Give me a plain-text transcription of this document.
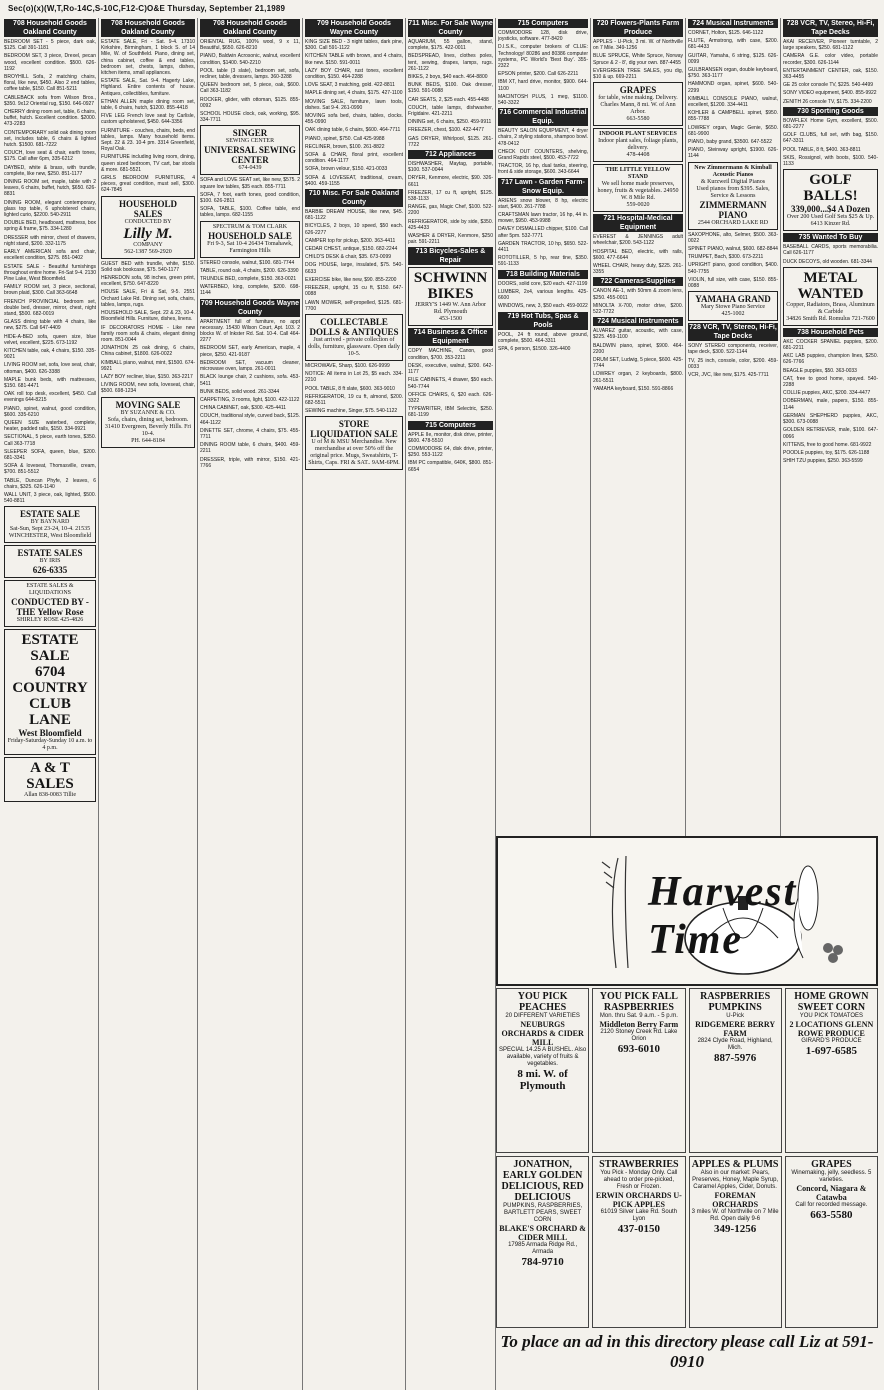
Sec(o)(x)(W,T,Ro-14C,S-10C,F12-C)O&E Thursday, September 21,1989
708 Household Goods Oakland County
BEDROOM SET - 5 piece, dark oak, $125. Call 391-1181
BEDROOM SET, 3 piece, Drexel, pecan wood, excellent condition. $500. 626-1192
BROYHILL Sofa, 2 matching chairs, floral, like new, $450. Also 2 end tables, coffee table, $150. Call 851-5211
CABLEBACK sofa from Wilson Bros., $350. 9x12 Oriental rug, $150. 646-0927
CHERRY dining room set, table, 6 chairs, buffet, hutch. Excellent condition. $2000. 473-2283
CONTEMPORARY solid oak dining room set, includes table, 6 chairs & lighted hutch. $1500. 681-7222
COUCH, love seat & chair, earth tones, $175. Call after 6pm, 335-6212
DAYBED, white & brass, with trundle, complete, like new, $250. 851-1177
DINING ROOM set, maple, table with 2 leaves, 6 chairs, buffet, hutch, $650. 626-8831
DINING ROOM, elegant contemporary, glass top table, 6 upholstered chairs, lighted curio, $2200. 540-2911
DOUBLE BED, headboard, mattress, box spring & frame, $75. 334-1280
DRESSER with mirror, chest of drawers, night stand, $200. 332-1175
EARLY AMERICAN sofa and chair, excellent condition, $275. 851-0402
ESTATE SALE - Beautiful furnishings throughout entire home. Fri-Sat 9-4. 2130 Pine Lake, West Bloomfield.
FAMILY ROOM set, 3 piece, sectional, brown plaid, $300. Call 363-6648
FRENCH PROVINCIAL bedroom set, double bed, dresser, mirror, chest, night stand, $500. 682-0019
GLASS dining table with 4 chairs, like new, $275. Call 647-4409
HIDE-A-BED sofa, queen size, blue velvet, excellent, $225. 673-1192
KITCHEN table, oak, 4 chairs, $150. 335-9021
LIVING ROOM set, sofa, love seat, chair, ottoman, $400. 626-3388
MAPLE bunk beds, with mattresses, $150. 681-4471
OAK roll top desk, excellent, $450. Call evenings 644-8215
PIANO, spinet, walnut, good condition, $600. 335-6210
QUEEN SIZE waterbed, complete, heater, padded rails, $150. 334-9921
SECTIONAL, 5 piece, earth tones, $350. Call 363-7718
SLEEPER SOFA, queen, blue, $200. 681-3341
SOFA & loveseat, Thomasville, cream, $700. 851-5512
TABLE, Duncan Phyfe, 2 leaves, 6 chairs, $325. 626-1140
WALL UNIT, 3 piece, oak, lighted, $500. 540-8811
ESTATE SALE
BY BAYNARD
Sat-Sun, Sept 23-24, 10-4. 21535 WINCHESTER, West Bloomfield
ESTATE SALES
BY IRIS
626-6335
ESTATE SALES & LIQUIDATIONS
CONDUCTED BY - THE Yellow Rose
SHIRLEY ROSE 425-4826
ESTATE SALE
6704 COUNTRY CLUB LANE
West Bloomfield
Friday-Saturday-Sunday 10 a.m. to 4 p.m.
A & T SALES
Allan 838-0083 Tillie
708 Household Goods Oakland County
ESTATE SALE, Fri - Sat. 9-4. 17310 Kirkshire, Birmingham, 1 block S. of 14 Mile, W. of Southfield. Piano, dining set, china cabinet, coffee & end tables, bedroom set, chests, lamps, dishes, kitchen items, small appliances.
ESTATE SALE, Sat. 9-4. Hagerty Lake, Highland. Entire contents of house. Antiques, collectibles, furniture.
ETHAN ALLEN maple dining room set, table, 6 chairs, hutch, $1200. 855-4418
FIVE LEG French love seat by Carlisle, custom upholstered, $450. 644-3356
FURNITURE - couches, chairs, beds, end tables, lamps. Many household items. Sept. 22 & 23. 10-4 pm. 3314 Greenfield, Royal Oak.
FURNITURE including living room, dining, queen sized bedroom, TV cart, bar stools & more. 681-5521
GIRLS BEDROOM FURNITURE, 4 pieces, great condition, must sell, $300. 624-7845
HOUSEHOLD SALES
CONDUCTED BY
Lilly M.
COMPANY
562-1387 569-2920
GUEST BED with trundle, white, $150. Solid oak bookcase, $75. 540-1177
HENREDON sofa, 98 inches, green print, excellent, $750. 647-8220
HOUSE SALE, Fri & Sat, 9-5. 2551 Orchard Lake Rd. Dining set, sofa, chairs, tables, lamps, rugs.
HOUSEHOLD SALE, Sept. 22 & 23, 10-4. Bloomfield Hills. Furniture, dishes, linens.
IF DECORATORS HOME - Like new family room sofa & chairs, elegant dining room. 851-0044
JONATHON 25 oak dining, 6 chairs, China cabinet, $1800. 626-0022
KIMBALL piano, walnut, mint, $1500. 674-9921
LAZY BOY recliner, blue, $150. 363-2217
LIVING ROOM, new sofa, loveseat, chair, $500. 698-1234
MOVING SALE
BY SUZANNE & CO.
Sofa, chairs, dining set, bedroom. 31410 Evergreen, Beverly Hills. Fri 10-4.
PH. 644-8184
708 Household Goods Oakland County
ORIENTAL RUG, 100% wool, 9 x 11, Beautiful, $650. 626-8210
PIANO, Baldwin Acrosonic, walnut, excellent condition, $1400. 540-2210
POOL table (3 slate), bedroom set, sofa, recliner, table, dressers, lamps. 360-3288
QUEEN bedroom set, 5 piece, oak, $600. Call 363-1182
ROCKER, glider, with ottoman, $125. 855-0092
SCHOOL HOUSE clock, oak, working, $95. 334-7711
SINGER
SEWING CENTER
UNIVERSAL SEWING CENTER
674-0439
SOFA and LOVE SEAT set, like new, $575. 2 square low tables, $35 each. 855-7711
SOFA, 7 foot, earth tones, good condition, $100. 626-2811
SOFA, TABLE, $100. Coffee table, end tables, lamps. 682-1155
SPECTRUM & TOM CLARK
HOUSEHOLD SALE
Fri 9-3, Sat 10-4 26434 Tomahawk, Farmington Hills
STEREO console, walnut, $100. 681-7744
TABLE, round oak, 4 chairs, $200. 626-3390
TRUNDLE BED, complete, $150. 363-0021
WATERBED, king, complete, $200. 698-1144
709 Household Goods Wayne County
APARTMENT full of furniture, no appt necessary. 15430 Wilson Court, Apt. 103. 2 blocks W. of Inkster Rd. Sat. 10-4. Call 464-2277
BEDROOM SET, early American, maple, 4 piece, $250. 421-9187
BEDROOM SET, vacuum cleaner, microwave oven, lamps. 261-0011
BLACK lounge chair, 2 cushions, sofa. 453-5411
BUNK BEDS, solid wood. 261-3344
CARPETING, 3 rooms, light, $100. 422-1122
CHINA CABINET, oak, $300. 425-4411
COUCH, traditional style, curved back, $125. 464-1122
DINETTE SET, chrome, 4 chairs, $75. 455-7711
DINING ROOM table, 6 chairs, $400. 459-2211
DRESSER, triple, with mirror, $150. 421-7766
709 Household Goods Wayne County
KING SIZE BED - 3 night tables, dark pine, $300. Call 591-1122
KITCHEN TABLE with brown, and 4 chairs, like new. $150. 591-0011
LAZY BOY CHAIR, rust tones, excellent condition, $150. 464-2288
LOVE SEAT, 3 matching, gold. 422-8811
MAPLE dining set, 4 chairs, $175. 427-1100
MOVING SALE, furniture, lawn tools, dishes. Sat 9-4. 261-0990
MOVING sofa bed, chairs, tables, clocks. 455-0990
OAK dining table, 6 chairs, $600. 464-7711
PIANO, spinet, $750. Call 425-9988
RECLINER, brown, $100. 261-8822
SOFA & CHAIR, floral print, excellent condition. 464-1177
SOFA, brown velour, $150. 421-0033
SOFA & LOVESEAT, traditional, cream, $400. 459-1155
710 Misc. For Sale Oakland County
BARBIE DREAM HOUSE, like new, $45. 681-1122
BICYCLES, 2 boys, 10 speed, $50 each. 626-2277
CAMPER top for pickup, $200. 363-4411
CEDAR CHEST, antique, $150. 682-2244
CHILD'S DESK & chair, $35. 673-0099
DOG HOUSE, large, insulated, $75. 540-6633
EXERCISE bike, like new, $90. 855-2200
FREEZER, upright, 15 cu ft, $150. 647-0088
LAWN MOWER, self-propelled, $125. 681-7700
COLLECTABLE DOLLS & ANTIQUES
Just arrived - private collection of dolls, furniture, glassware. Open daily 10-5.
MICROWAVE, Sharp, $100. 626-9999
NOTICE: All items in Lot 25, $5 each. 334-2210
POOL TABLE, 8 ft slate, $600. 363-9010
REFRIGERATOR, 19 cu ft, almond, $200. 682-5511
SEWING machine, Singer, $75. 540-1122
STORE LIQUIDATION SALE
U of M & MSU Merchandise. New merchandise at over 50% off the original price. Mugs, Sweatshirts, T-Shirts, Caps. FRI & SAT.. 9AM-6PM.
711 Misc. For Sale Wayne County
AQUARIUM, 55 gallon, stand, complete, $175. 422-0011
BEDSPREAD, lines, clothes poles, tent, sewing, drapes, lamps, rugs. 261-1122
BIKES, 2 boys, $40 each. 464-8800
BUNK BEDS, $100. Oak dresser, $150. 591-0088
CAR SEATS, 2, $25 each. 455-4488
COUCH, table lamps, dishwasher, Frigidaire. 421-2211
DINING set, 6 chairs, $250. 459-9911
FREEZER, chest, $100. 422-4477
GAS DRYER, Whirlpool, $125. 261-7722
712 Appliances
DISHWASHER, Maytag, portable, $100. 537-0044
DRYER, Kenmore, electric, $90. 326-6611
FREEZER, 17 cu ft, upright, $125. 538-1133
RANGE, gas, Magic Chef, $100. 522-2200
REFRIGERATOR, side by side, $350. 425-4433
WASHER & DRYER, Kenmore, $250 pair. 591-2211
713 Bicycles-Sales & Repair
SCHWINN BIKES
JERRY'S 1449 W. Ann Arbor Rd. Plymouth
453-1500
714 Business & Office Equipment
COPY MACHINE, Canon, good condition, $700. 353-2211
DESK, executive, walnut, $200. 642-1177
FILE CABINETS, 4 drawer, $50 each. 540-7744
OFFICE CHAIRS, 6, $20 each. 626-3322
TYPEWRITER, IBM Selectric, $250. 681-1199
715 Computers
APPLE IIe, monitor, disk drive, printer, $600. 478-5510
COMMODORE 64, disk drive, printer, $250. 553-1122
IBM PC compatible, 640K, $800. 851-6654
715 Computers
COMMODORE 128, disk drive, joysticks, software. 477-8420
D.I.S.K., computer brokers of CLUE: Technology! 80286 and 80386 computer systems, PC World's 'Best Buy'. 355-2322
EPSON printer, $200. Call 626-2211
IBM XT, hard drive, monitor, $900. 644-1100
MACINTOSH PLUS, 1 meg, $1100. 540-3322
716 Commercial Industrial Equip.
BEAUTY SALON EQUIPMENT, 4 dryer chairs, 2 styling stations, shampoo bowl. 478-0412
CHECK OUT COUNTERS, shelving, Grand Rapids steel, $500. 453-7722
TRACTOR, 16 hp, dual tanks, steering, front & side storage, $600. 343-6644
717 Lawn - Garden Farm-Snow Equip.
ARIENS snow blower, 8 hp, electric start, $400. 261-7788
CRAFTSMAN lawn tractor, 16 hp, 44 in. mower, $950. 453-9988
DAVEY DISMALLED chipper, $100. Call after 5pm. 532-7771
GARDEN TRACTOR, 10 hp, $650. 522-4411
ROTOTILLER, 5 hp, rear tine, $350. 591-1133
718 Building Materials
DOORS, solid core, $20 each. 427-1199
LUMBER, 2x4, various lengths. 425-6600
WINDOWS, new, 3, $50 each. 459-0022
719 Hot Tubs, Spas & Pools
POOL, 24 ft round, above ground, complete, $500. 464-3311
SPA, 6 person, $1500. 326-4400
720 Flowers-Plants Farm Produce
APPLES - U-Pick, 3 mi. W. of Northville on 7 Mile. 349-1256
BLUE SPRUCE, White Spruce, Norway Spruce & 2 - 8', dig your own. 887-4455
EVERGREEN TREE SALES, you dig, $10 & up. 669-2211
GRAPES
for table, wine making. Delivery. Charles Mann, 8 mi. W. of Ann Arbor.
663-5580
INDOOR PLANT SERVICES
Indoor plant sales, foliage plants, delivery.
478-4408
THE LITTLE YELLOW STAND
We sell home made preserves, honey, fruits & vegetables. 24950 W. 8 Mile Rd.
559-0020
721 Hospital-Medical Equipment
EVEREST & JENNINGS adult wheelchair, $200. 543-1122
HOSPITAL BED, electric, with rails, $600. 477-6644
WHEEL CHAIR, heavy duty, $225. 261-3355
722 Cameras-Supplies
CANON AE-1, with 50mm & zoom lens, $250. 455-0011
MINOLTA X-700, motor drive, $200. 522-7722
724 Musical Instruments
ALVAREZ guitar, acoustic, with case, $225. 459-1100
BALDWIN piano, spinet, $900. 464-2200
DRUM SET, Ludwig, 5 piece, $600. 425-7744
LOWREY organ, 2 keyboards, $800. 261-5511
YAMAHA keyboard, $150. 591-8866
724 Musical Instruments
CORNET, Holton, $125. 646-1122
FLUTE, Armstrong, with case, $200. 681-4433
GUITAR, Yamaha, 6 string, $125. 626-0099
GULBRANSEN organ, double keyboard, $750. 363-1177
HAMMOND organ, spinet, $600. 540-2299
KIMBALL CONSOLE PIANO, walnut, excellent, $1200. 334-4411
KOHLER & CAMPBELL spinet, $950. 855-7788
LOWREY organ, Magic Genie, $650. 681-9900
PIANO, baby grand, $3500. 647-5522
PIANO, Steinway upright, $1900. 626-1144
New Zimmermann & Kimball Acoustic Pianos
& Kurzweil Digital Pianos
Used pianos from $395. Sales, Service & Lessons
ZIMMERMANN PIANO
2544 ORCHARD LAKE RD
SAXOPHONE, alto, Selmer, $500. 363-0022
SPINET PIANO, walnut, $600. 682-8844
TRUMPET, Bach, $300. 673-2211
UPRIGHT piano, good condition, $400. 540-7755
VIOLIN, full size, with case, $150. 855-0088
YAMAHA GRAND
Mary Stowe Piano Service
425-1002
728 VCR, TV, Stereo, Hi-Fi, Tape Decks
SONY STEREO components, receiver, tape deck, $300. 522-1144
TV, 25 inch, console, color, $200. 459-0033
VCR, JVC, like new, $175. 425-7711
728 VCR, TV, Stereo, Hi-Fi, Tape Decks
AKAI RECEIVER, Pioneer turntable, 2 large speakers, $250. 681-1122
CAMERA G.E. color video, portable recorder, $300. 626-1144
ENTERTAINMENT CENTER, oak, $150. 363-4455
GE 25 color console TV, $225. 540-4499
SONY VIDEO equipment, $400. 855-9922
ZENITH 26 console TV, $175. 334-2200
730 Sporting Goods
BOWFLEX Home Gym, excellent, $500. 681-2277
GOLF CLUBS, full set, with bag, $150. 647-3311
POOL TABLE, 8 ft, $400. 363-8811
SKIS, Rossignol, with boots, $100. 540-1133
GOLF BALLS!
339,000...$4 A Dozen
Over 200 Used Golf Sets $25 & Up. 6413 Kinzer Rd.
735 Wanted To Buy
BASEBALL CARDS, sports memorabilia. Call 626-1177
DUCK DECOYS, old wooden. 681-3344
METAL WANTED
Copper, Radiators, Brass, Aluminum & Carbide
34826 Smith Rd. Romulus 721-7600
738 Household Pets
AKC COCKER SPANIEL puppies, $200. 681-2211
AKC LAB puppies, champion lines, $250. 626-7766
BEAGLE puppies, $50. 363-0033
CAT, free to good home, spayed. 540-2288
COLLIE puppies, AKC, $200. 334-4477
DOBERMAN, male, papers, $150. 855-1144
GERMAN SHEPHERD puppies, AKC, $300. 673-0088
GOLDEN RETRIEVER, male, $100. 647-0066
KITTENS, free to good home. 681-9922
POODLE puppies, toy, $175. 626-1188
SHIH TZU puppies, $250. 363-5599
Harvest Time
YOU PICK PEACHES
20 DIFFERENT VARIETIES
NEUBURGS ORCHARDS & CIDER MILL
SPECIAL 14.25 A BUSHEL. Also available, variety of fruits & vegetables.
8 mi. W. of Plymouth
YOU PICK FALL RASPBERRIES
Mon. thru Sat. 9 a.m. - 5 p.m.
Middleton Berry Farm
2120 Stoney Creek Rd. Lake Orion
693-6010
RASPBERRIES PUMPKINS
U-Pick
RIDGEMERE BERRY FARM
2824 Clyde Road, Highland, Mich.
887-5976
HOME GROWN SWEET CORN
YOU PICK TOMATOES
2 LOCATIONS GLENN ROWE PRODUCE
GIRARD'S PRODUCE
1-697-6585
JONATHON, EARLY GOLDEN DELICIOUS, RED DELICIOUS
PUMPKINS, RASPBERRIES, BARTLETT PEARS, SWEET CORN
BLAKE'S ORCHARD & CIDER MILL
17985 Armada Ridge Rd., Armada
784-9710
STRAWBERRIES
You Pick - Monday Only. Call ahead to order pre-picked, Fresh or Frozen.
ERWIN ORCHARDS U-PICK APPLES
61019 Silver Lake Rd. South Lyon
437-0150
APPLES & PLUMS
Also in our market: Pears, Preserves, Honey, Maple Syrup, Caramel Apples, Cider, Donuts.
FOREMAN ORCHARDS
3 miles W. of Northville on 7 Mile Rd. Open daily 9-6
349-1256
GRAPES
Winemaking, jelly, seedless. 5 varieties.
Concord, Niagara & Catawba
Call for recorded message.
663-5580
To place an ad in this directory please call Liz at 591-0910
